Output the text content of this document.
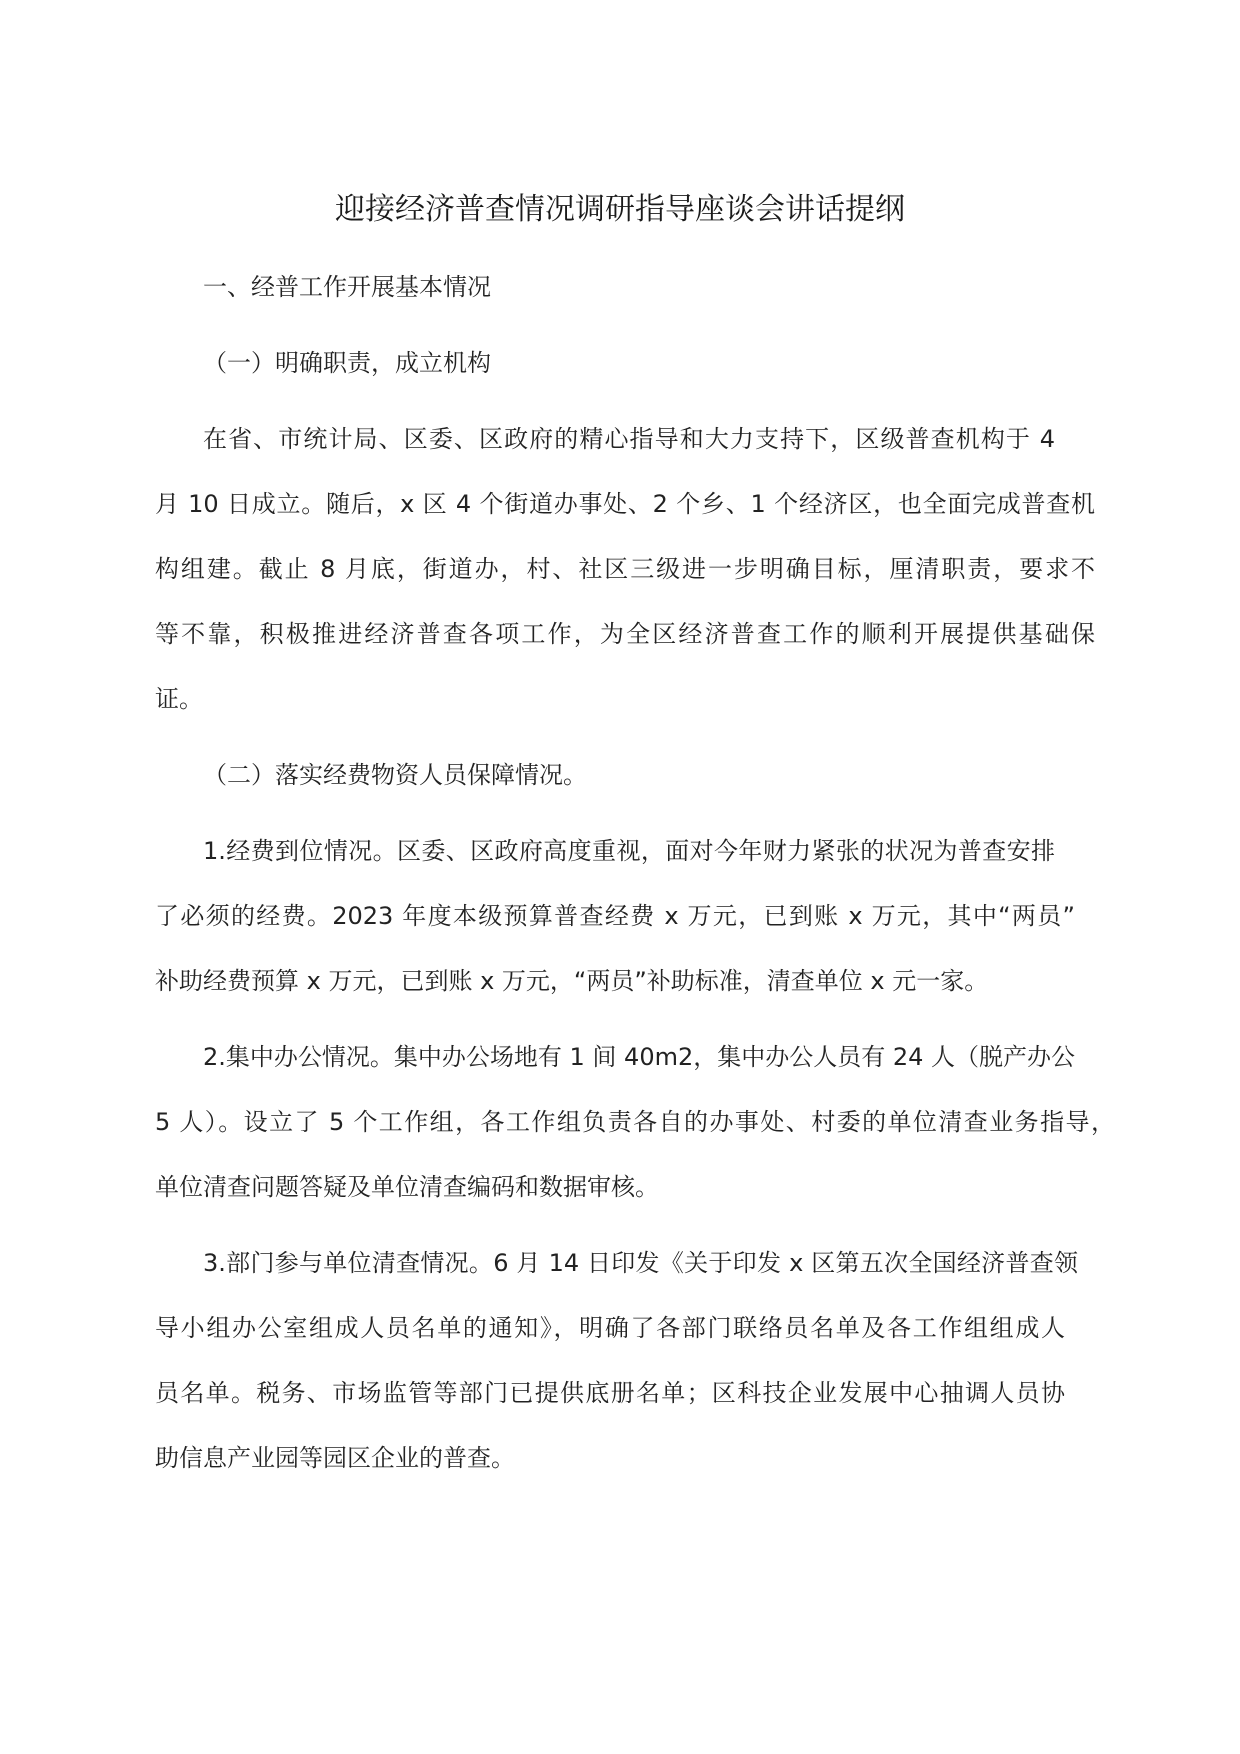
迎接经济普查情况调研指导座谈会讲话提纲

一、经普工作开展基本情况

（一）明确职责，成立机构

在省、市统计局、区委、区政府的精心指导和大力支持下，区级普查机构于 4

月 10 日成立。随后，x 区 4 个街道办事处、2 个乡、1 个经济区，也全面完成普查机

构组建。截止 8 月底，街道办，村、社区三级进一步明确目标，厘清职责，要求不

等不靠，积极推进经济普查各项工作，为全区经济普查工作的顺利开展提供基础保

证。

（二）落实经费物资人员保障情况。

1.经费到位情况。区委、区政府高度重视，面对今年财力紧张的状况为普查安排

了必须的经费。2023 年度本级预算普查经费 x 万元，已到账 x 万元，其中“两员”

补助经费预算 x 万元，已到账 x 万元，“两员”补助标准，清查单位 x 元一家。

2.集中办公情况。集中办公场地有 1 间 40m2，集中办公人员有 24 人（脱产办公

5 人）。设立了 5 个工作组，各工作组负责各自的办事处、村委的单位清查业务指导，

单位清查问题答疑及单位清查编码和数据审核。

3.部门参与单位清查情况。6 月 14 日印发《关于印发 x 区第五次全国经济普查领

导小组办公室组成人员名单的通知》，明确了各部门联络员名单及各工作组组成人

员名单。税务、市场监管等部门已提供底册名单；区科技企业发展中心抽调人员协

助信息产业园等园区企业的普查。
